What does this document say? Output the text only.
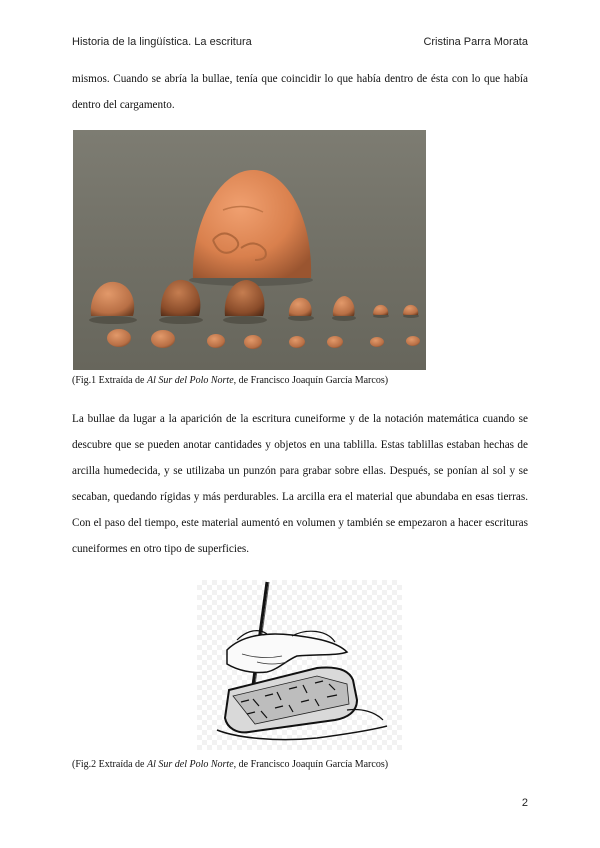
Historia de la lingüística. La escritura	Cristina Parra Morata

mismos. Cuando se abría la bullae, tenía que coincidir lo que había dentro de ésta con lo que había dentro del cargamento.

(Fig.1 Extraída de Al Sur del Polo Norte, de Francisco Joaquín García Marcos)

La bullae da lugar a la aparición de la escritura cuneiforme y de la notación matemática cuando se descubre que se pueden anotar cantidades y objetos en una tablilla. Estas tablillas estaban hechas de arcilla humedecida, y se utilizaba un punzón para grabar sobre ellas. Después, se ponían al sol y se secaban, quedando rígidas y más perdurables. La arcilla era el material que abundaba en esas tierras. Con el paso del tiempo, este material aumentó en volumen y también se empezaron a hacer escrituras cuneiformes en otro tipo de superficies.

(Fig.2 Extraída de Al Sur del Polo Norte, de Francisco Joaquín García Marcos)
2
